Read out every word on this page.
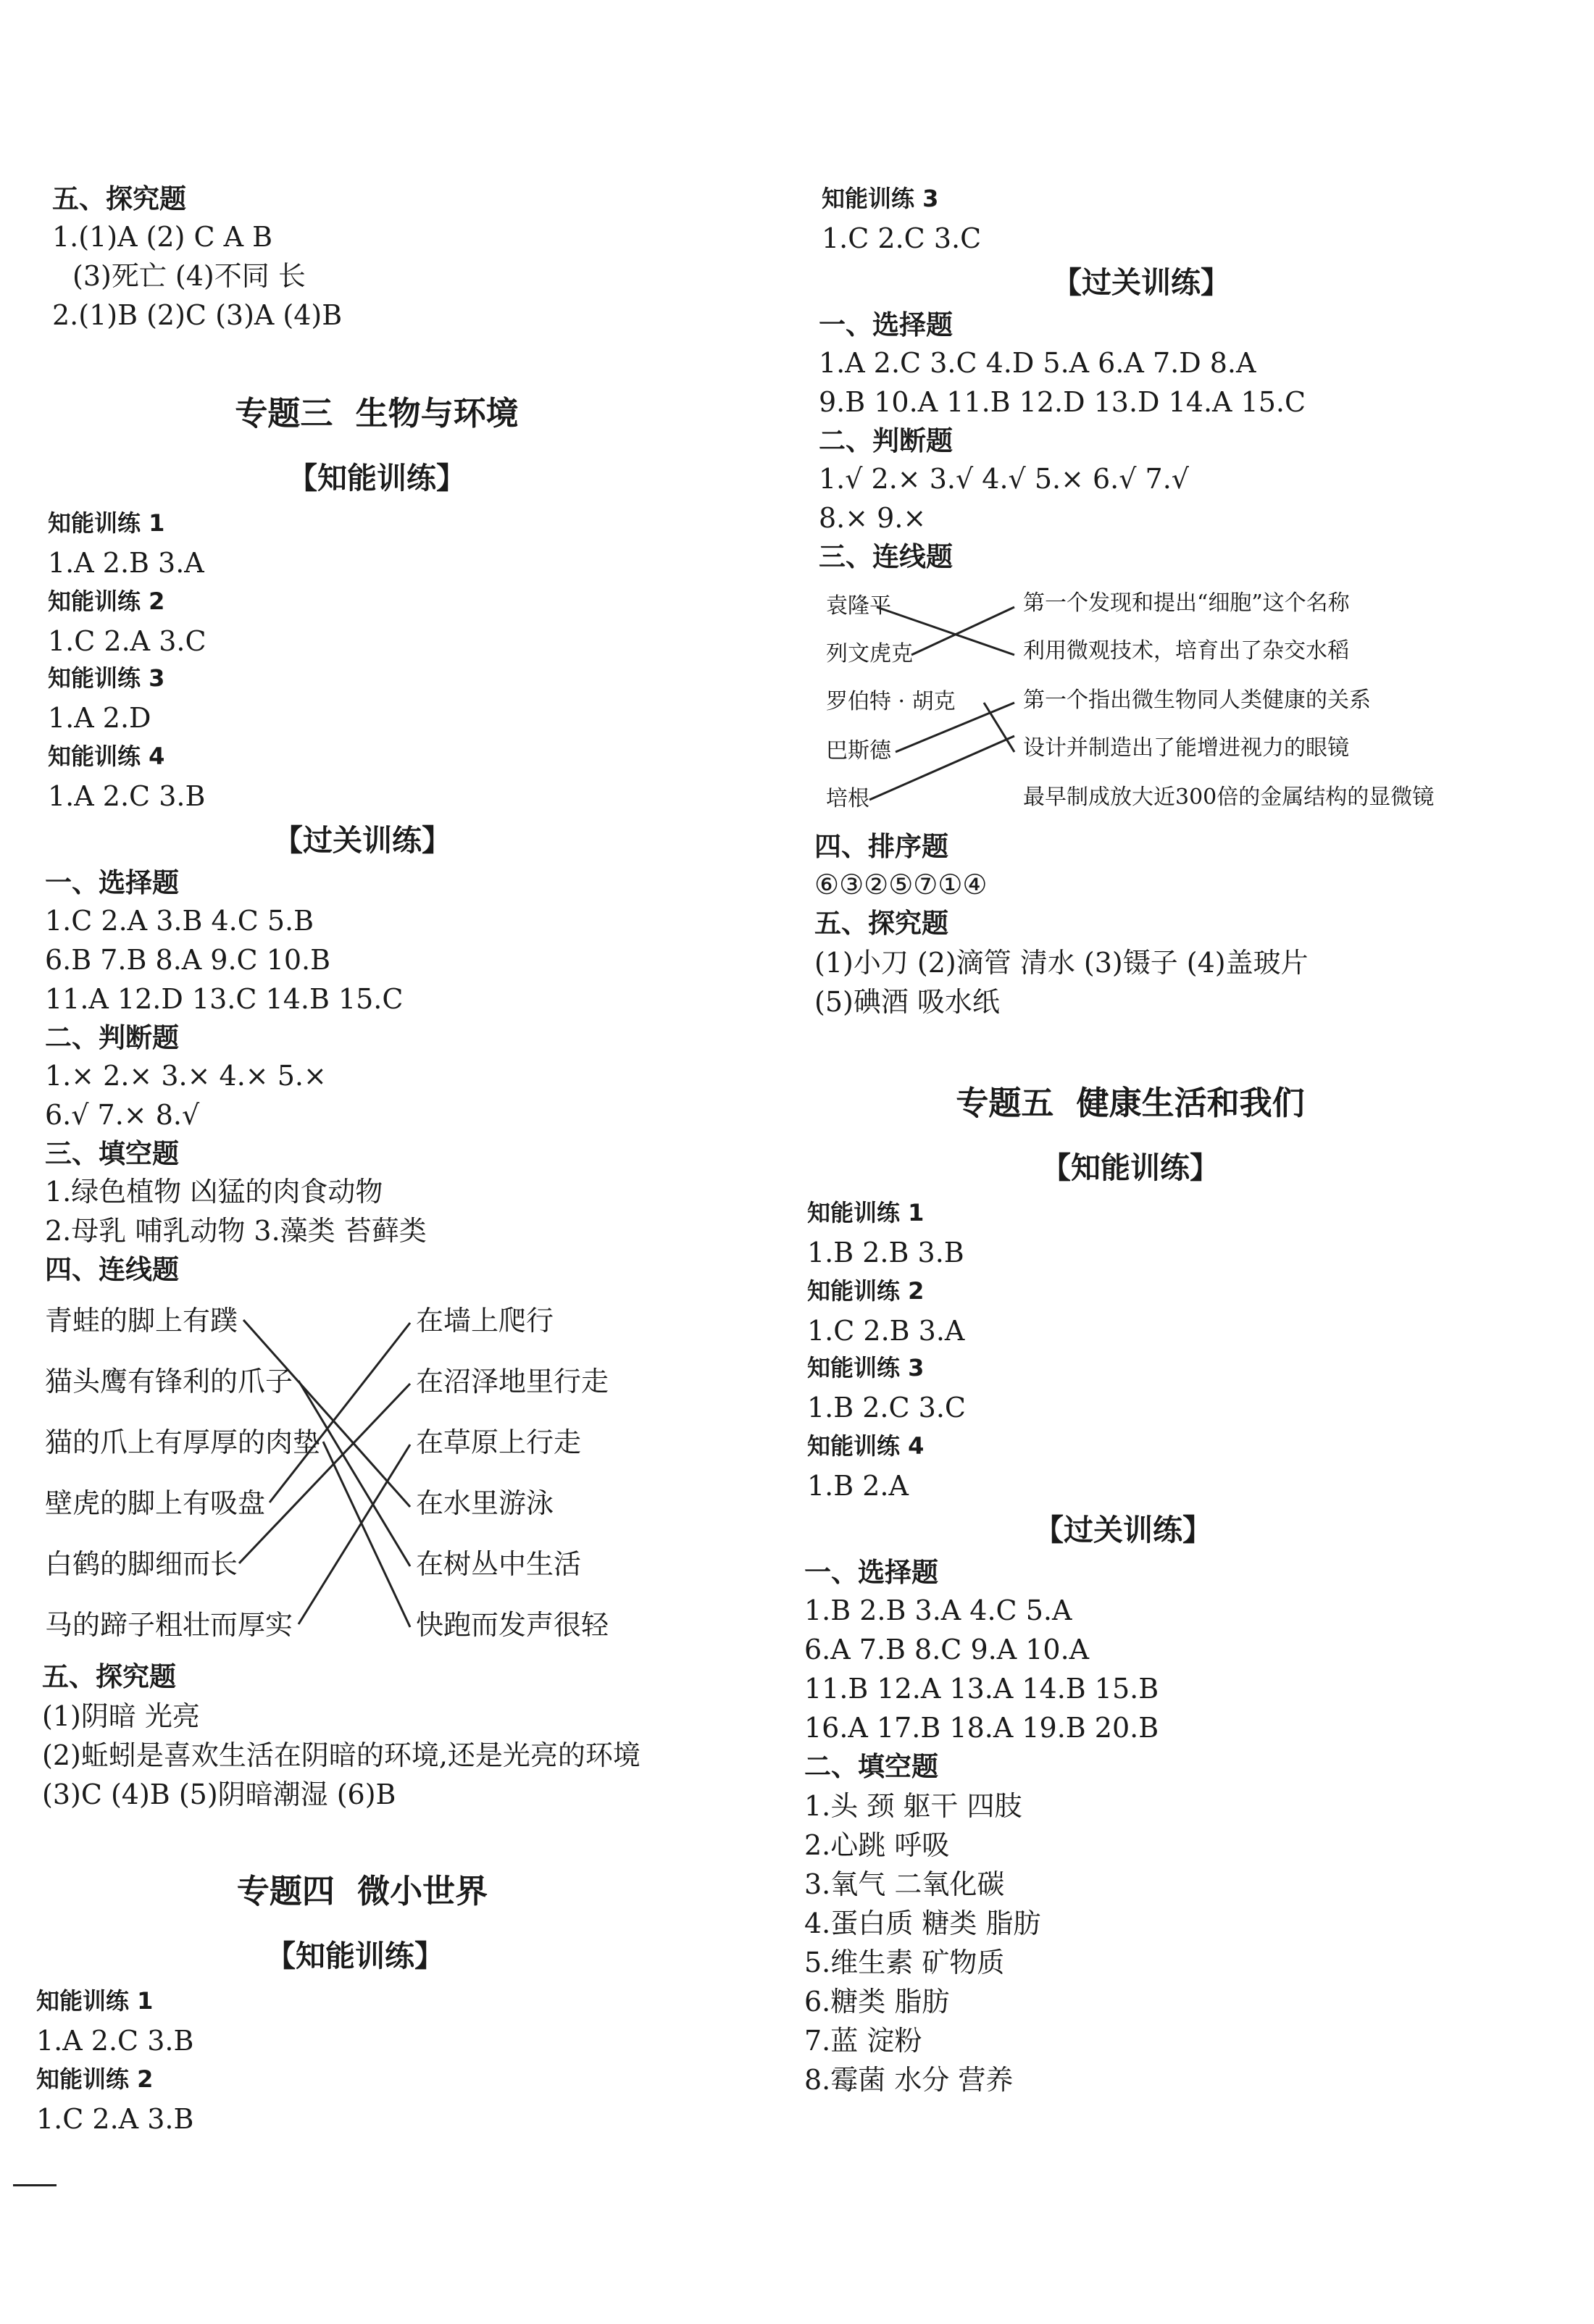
五、探究题
1.(1)A (2) C A B
(3)死亡 (4)不同 长
2.(1)B (2)C (3)A (4)B
专题三  生物与环境
【知能训练】
知能训练 1
1.A 2.B 3.A
知能训练 2
1.C 2.A 3.C
知能训练 3
1.A 2.D
知能训练 4
1.A 2.C 3.B
【过关训练】
一、选择题
1.C 2.A 3.B 4.C 5.B
6.B 7.B 8.A 9.C 10.B
11.A 12.D 13.C 14.B 15.C
二、判断题
1.× 2.× 3.× 4.× 5.×
6.√ 7.× 8.√
三、填空题
1.绿色植物 凶猛的肉食动物
2.母乳 哺乳动物 3.藻类 苔藓类
四、连线题
青蛙的脚上有蹼
猫头鹰有锋利的爪子
猫的爪上有厚厚的肉垫
壁虎的脚上有吸盘
白鹤的脚细而长
马的蹄子粗壮而厚实
在墙上爬行
在沼泽地里行走
在草原上行走
在水里游泳
在树丛中生活
快跑而发声很轻
五、探究题
(1)阴暗 光亮
(2)蚯蚓是喜欢生活在阴暗的环境,还是光亮的环境
(3)C (4)B (5)阴暗潮湿 (6)B
专题四  微小世界
【知能训练】
知能训练 1
1.A 2.C 3.B
知能训练 2
1.C 2.A 3.B
知能训练 3
1.C 2.C 3.C
【过关训练】
一、选择题
1.A 2.C 3.C 4.D 5.A 6.A 7.D 8.A
9.B 10.A 11.B 12.D 13.D 14.A 15.C
二、判断题
1.√ 2.× 3.√ 4.√ 5.× 6.√ 7.√
8.× 9.×
三、连线题
袁隆平
列文虎克
罗伯特 · 胡克
巴斯德
培根
第一个发现和提出“细胞”这个名称
利用微观技术，培育出了杂交水稻
第一个指出微生物同人类健康的关系
设计并制造出了能增进视力的眼镜
最早制成放大近300倍的金属结构的显微镜
四、排序题
⑥③②⑤⑦①④
五、探究题
(1)小刀 (2)滴管 清水 (3)镊子 (4)盖玻片
(5)碘酒 吸水纸
专题五  健康生活和我们
【知能训练】
知能训练 1
1.B 2.B 3.B
知能训练 2
1.C 2.B 3.A
知能训练 3
1.B 2.C 3.C
知能训练 4
1.B 2.A
【过关训练】
一、选择题
1.B 2.B 3.A 4.C 5.A
6.A 7.B 8.C 9.A 10.A
11.B 12.A 13.A 14.B 15.B
16.A 17.B 18.A 19.B 20.B
二、填空题
1.头 颈 躯干 四肢
2.心跳 呼吸
3.氧气 二氧化碳
4.蛋白质 糖类 脂肪
5.维生素 矿物质
6.糖类 脂肪
7.蓝 淀粉
8.霉菌 水分 营养
